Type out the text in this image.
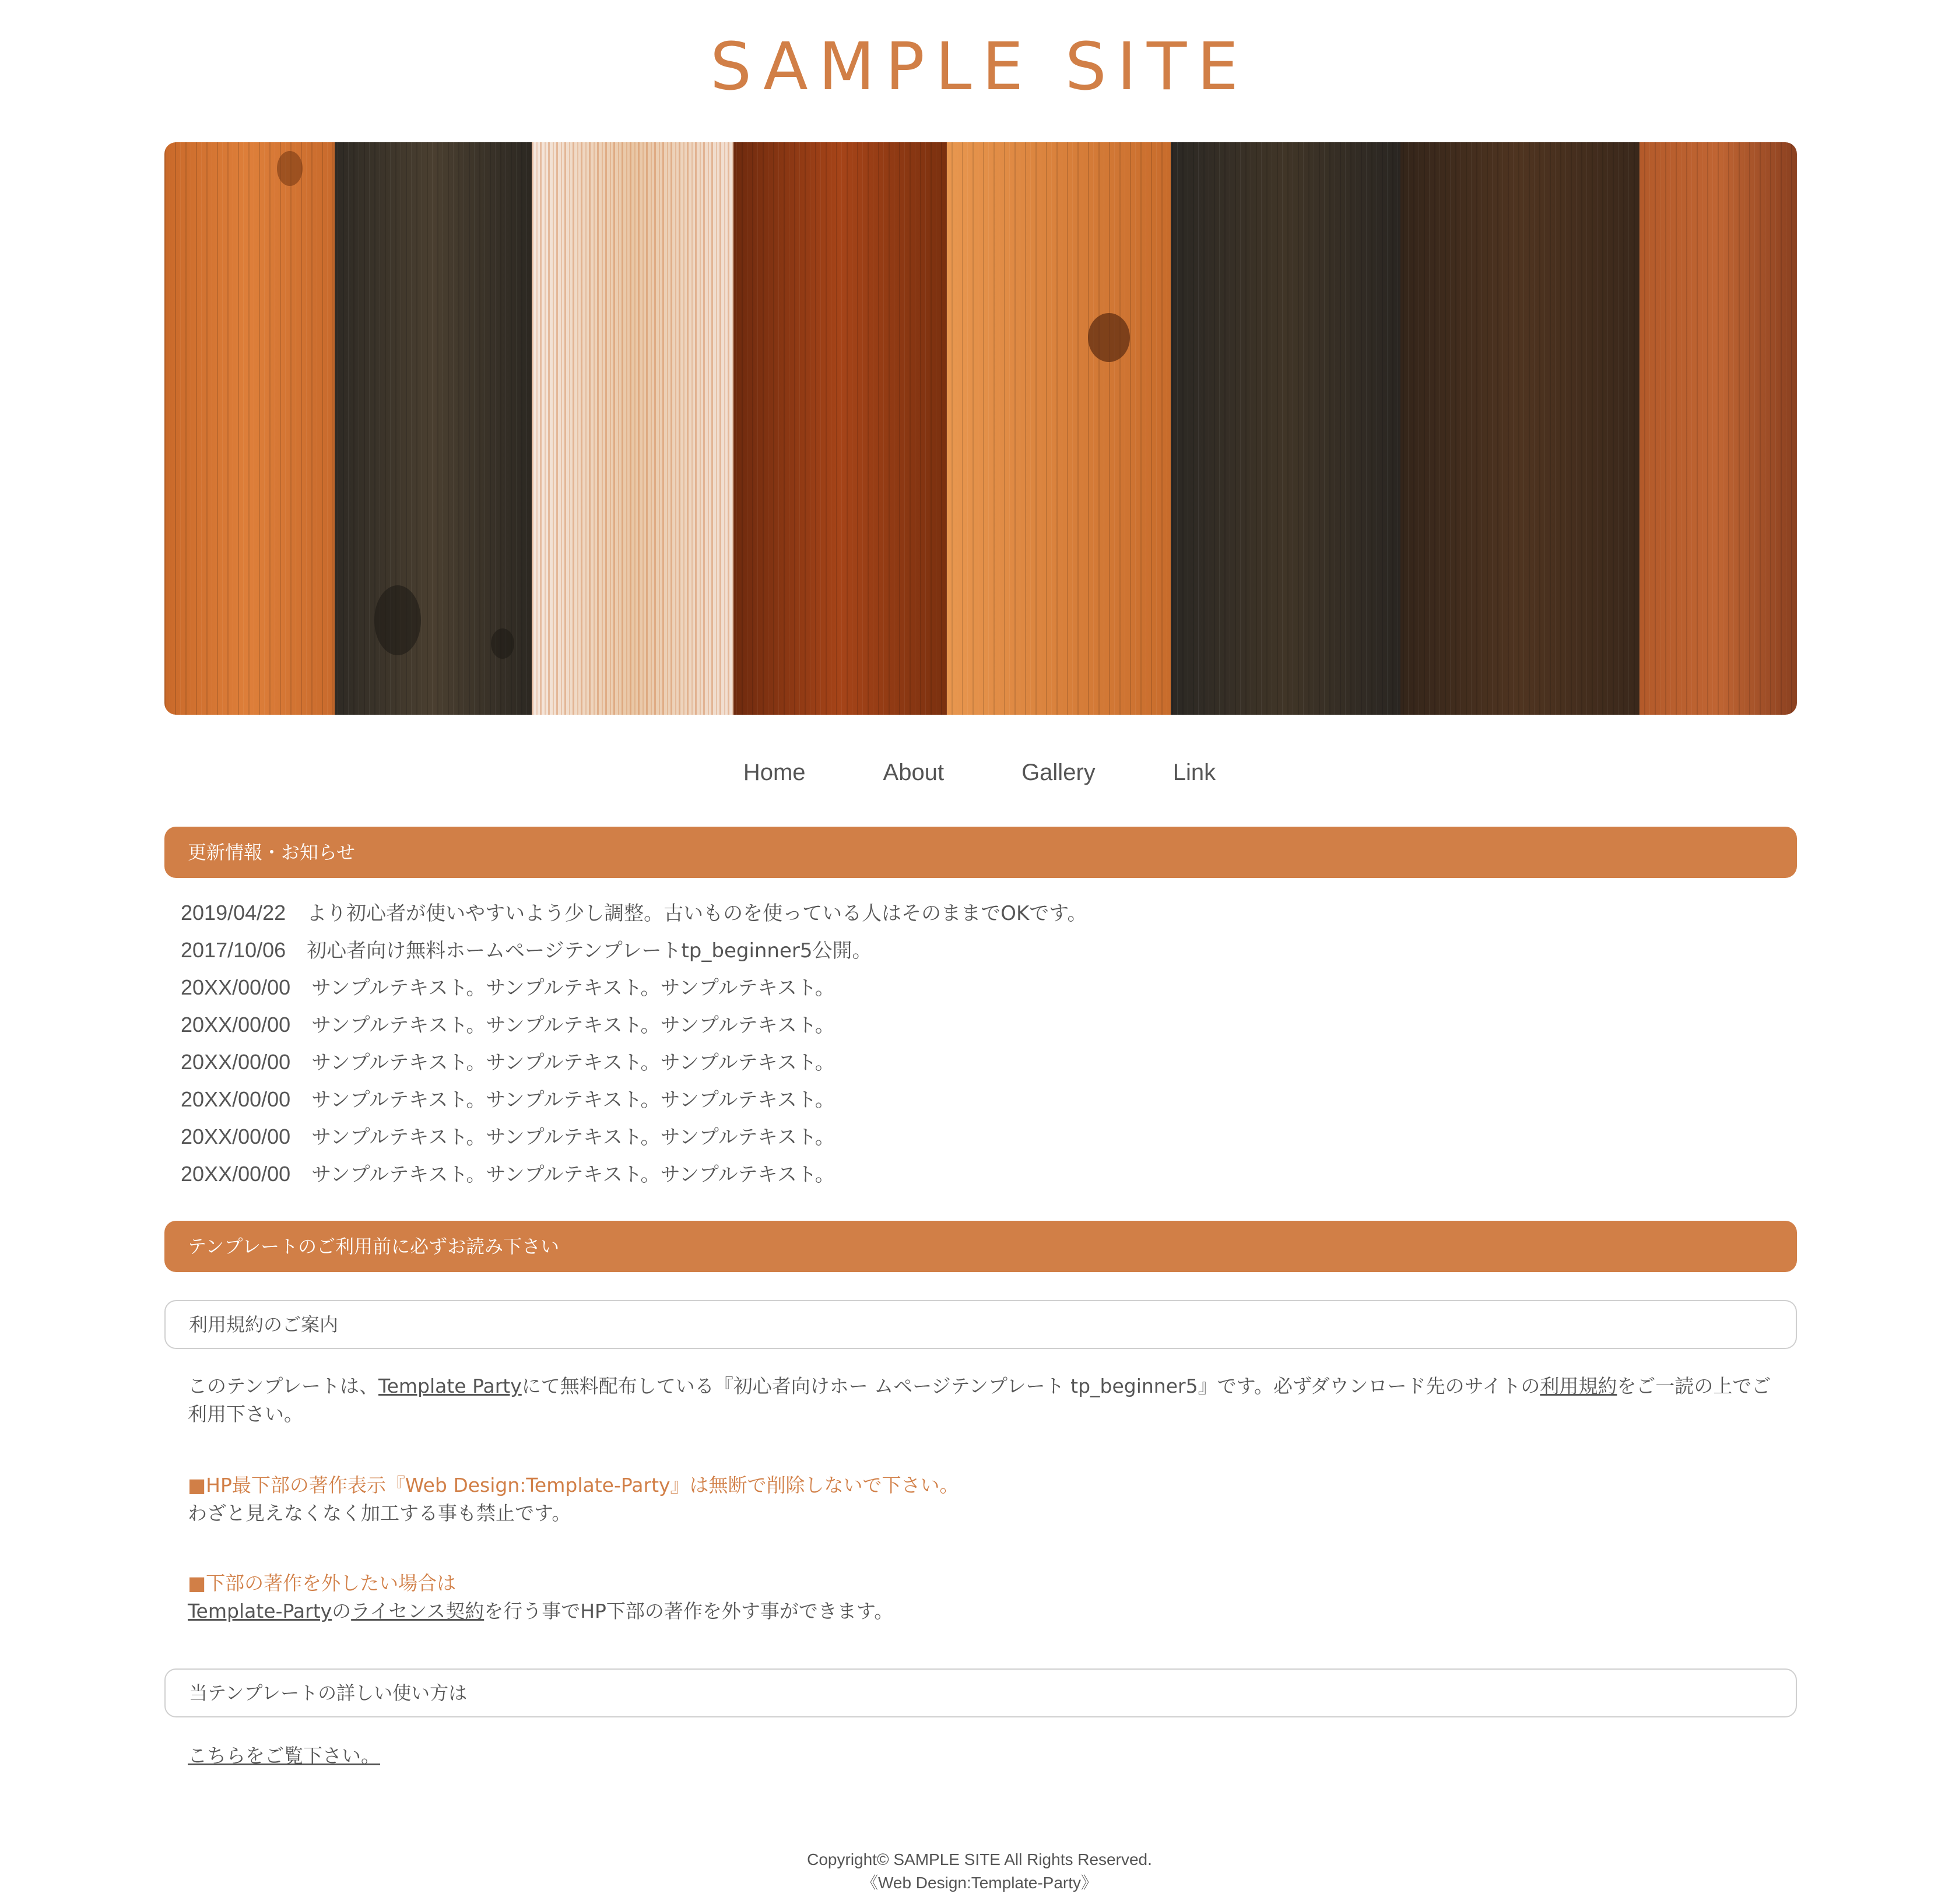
SAMPLE SITE
Home	About	Gallery	Link
更新情報・お知らせ
2019/04/22 より初心者が使いやすいよう少し調整。古いものを使っている人はそのままでOKです。
2017/10/06 初心者向け無料ホームページテンプレートtp_beginner5公開。
20XX/00/00 サンプルテキスト。サンプルテキスト。サンプルテキスト。
20XX/00/00 サンプルテキスト。サンプルテキスト。サンプルテキスト。
20XX/00/00 サンプルテキスト。サンプルテキスト。サンプルテキスト。
20XX/00/00 サンプルテキスト。サンプルテキスト。サンプルテキスト。
20XX/00/00 サンプルテキスト。サンプルテキスト。サンプルテキスト。
20XX/00/00 サンプルテキスト。サンプルテキスト。サンプルテキスト。
テンプレートのご利用前に必ずお読み下さい
利用規約のご案内

このテンプレートは、Template Partyにて無料配布している『初心者向けホー ムページテンプレート tp_beginner5』です。必ずダウンロード先のサイトの利用規約をご一読の上でご利用下さい。

■HP最下部の著作表示『Web Design:Template-Party』は無断で削除しないで下さい。
わざと見えなくなく加工する事も禁止です。

■下部の著作を外したい場合は
Template-Partyのライセンス契約を行う事でHP下部の著作を外す事ができます。

当テンプレートの詳しい使い方は

こちらをご覧下さい。

Copyright© SAMPLE SITE All Rights Reserved.
《Web Design:Template-Party》
